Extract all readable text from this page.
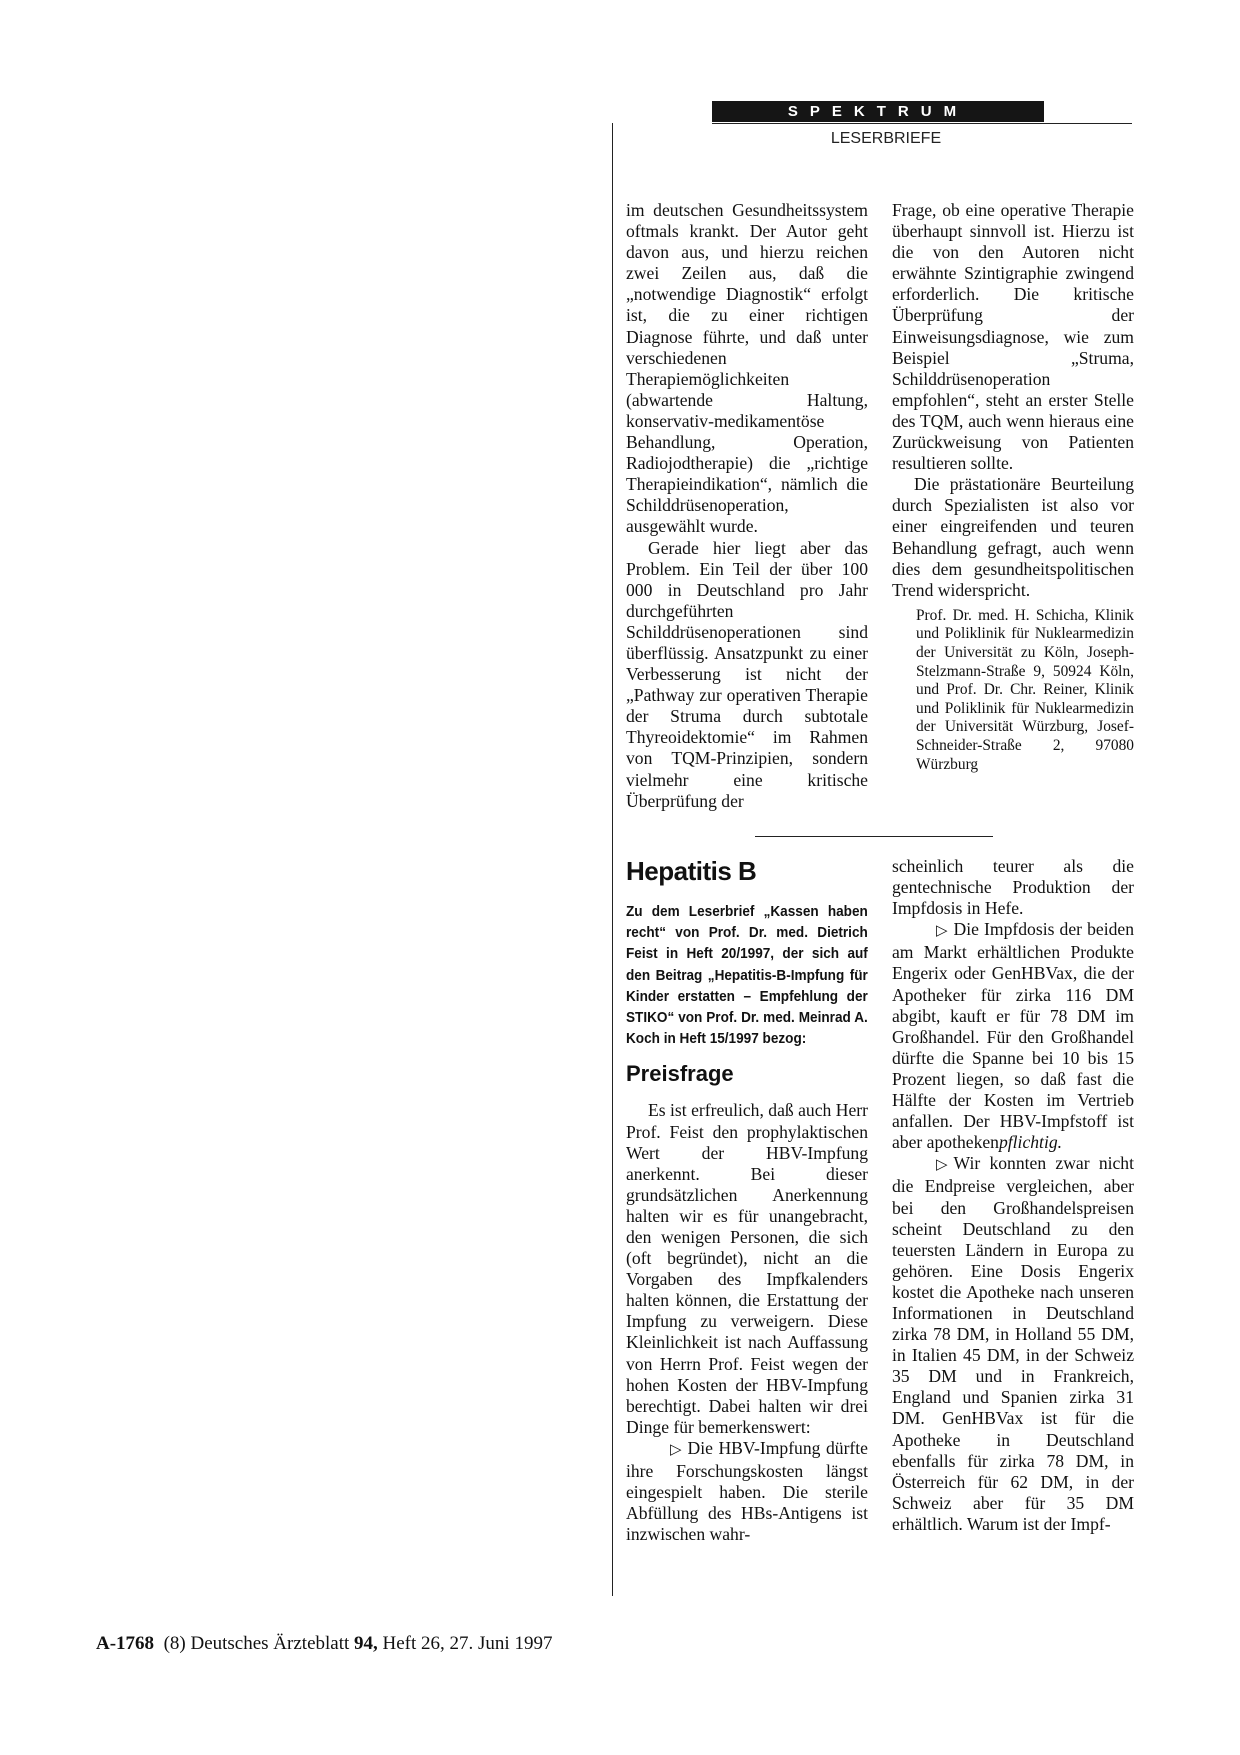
SPEKTRUM
LESERBRIEFE

im deutschen Gesundheitssystem oftmals krankt. Der Autor geht davon aus, und hierzu reichen zwei Zeilen aus, daß die „notwendige Diagnostik“ erfolgt ist, die zu einer richtigen Diagnose führte, und daß unter verschiedenen Therapiemöglichkeiten (abwartende Haltung, konservativ-medikamentöse Behandlung, Operation, Radiojodtherapie) die „richtige Therapieindikation“, nämlich die Schilddrüsenoperation, ausgewählt wurde.

Gerade hier liegt aber das Problem. Ein Teil der über 100 000 in Deutschland pro Jahr durchgeführten Schilddrüsenoperationen sind überflüssig. Ansatzpunkt zu einer Verbesserung ist nicht der „Pathway zur operativen Therapie der Struma durch subtotale Thyreoidektomie“ im Rahmen von TQM-Prinzipien, sondern vielmehr eine kritische Überprüfung der

Frage, ob eine operative Therapie überhaupt sinnvoll ist. Hierzu ist die von den Autoren nicht erwähnte Szintigraphie zwingend erforderlich. Die kritische Überprüfung der Einweisungsdiagnose, wie zum Beispiel „Struma, Schilddrüsenoperation empfohlen“, steht an erster Stelle des TQM, auch wenn hieraus eine Zurückweisung von Patienten resultieren sollte.

Die prästationäre Beurteilung durch Spezialisten ist also vor einer eingreifenden und teuren Behandlung gefragt, auch wenn dies dem gesundheitspolitischen Trend widerspricht.

Prof. Dr. med. H. Schicha, Klinik und Poliklinik für Nuklearmedizin der Universität zu Köln, Joseph-Stelzmann-Straße 9, 50924 Köln, und Prof. Dr. Chr. Reiner, Klinik und Poliklinik für Nuklearmedizin der Universität Würzburg, Josef-Schneider-Straße 2, 97080 Würzburg
Hepatitis B
Zu dem Leserbrief „Kassen haben recht“ von Prof. Dr. med. Dietrich Feist in Heft 20/1997, der sich auf den Beitrag „Hepatitis-B-Impfung für Kinder erstatten – Empfehlung der STIKO“ von Prof. Dr. med. Meinrad A. Koch in Heft 15/1997 bezog:
Preisfrage

Es ist erfreulich, daß auch Herr Prof. Feist den prophylaktischen Wert der HBV-Impfung anerkennt. Bei dieser grundsätzlichen Anerkennung halten wir es für unangebracht, den wenigen Personen, die sich (oft begründet), nicht an die Vorgaben des Impfkalenders halten können, die Erstattung der Impfung zu verweigern. Diese Kleinlichkeit ist nach Auffassung von Herrn Prof. Feist wegen der hohen Kosten der HBV-Impfung berechtigt. Dabei halten wir drei Dinge für bemerkenswert:

▷ Die HBV-Impfung dürfte ihre Forschungskosten längst eingespielt haben. Die sterile Abfüllung des HBs-Antigens ist inzwischen wahr-

scheinlich teurer als die gentechnische Produktion der Impfdosis in Hefe.

▷ Die Impfdosis der beiden am Markt erhältlichen Produkte Engerix oder GenHBVax, die der Apotheker für zirka 116 DM abgibt, kauft er für 78 DM im Großhandel. Für den Großhandel dürfte die Spanne bei 10 bis 15 Prozent liegen, so daß fast die Hälfte der Kosten im Vertrieb anfallen. Der HBV-Impfstoff ist aber apothekenpflichtig.

▷ Wir konnten zwar nicht die Endpreise vergleichen, aber bei den Großhandelspreisen scheint Deutschland zu den teuersten Ländern in Europa zu gehören. Eine Dosis Engerix kostet die Apotheke nach unseren Informationen in Deutschland zirka 78 DM, in Holland 55 DM, in Italien 45 DM, in der Schweiz 35 DM und in Frankreich, England und Spanien zirka 31 DM. GenHBVax ist für die Apotheke in Deutschland ebenfalls für zirka 78 DM, in Österreich für 62 DM, in der Schweiz aber für 35 DM erhältlich. Warum ist der Impf-

A-1768 (8) Deutsches Ärzteblatt 94, Heft 26, 27. Juni 1997
